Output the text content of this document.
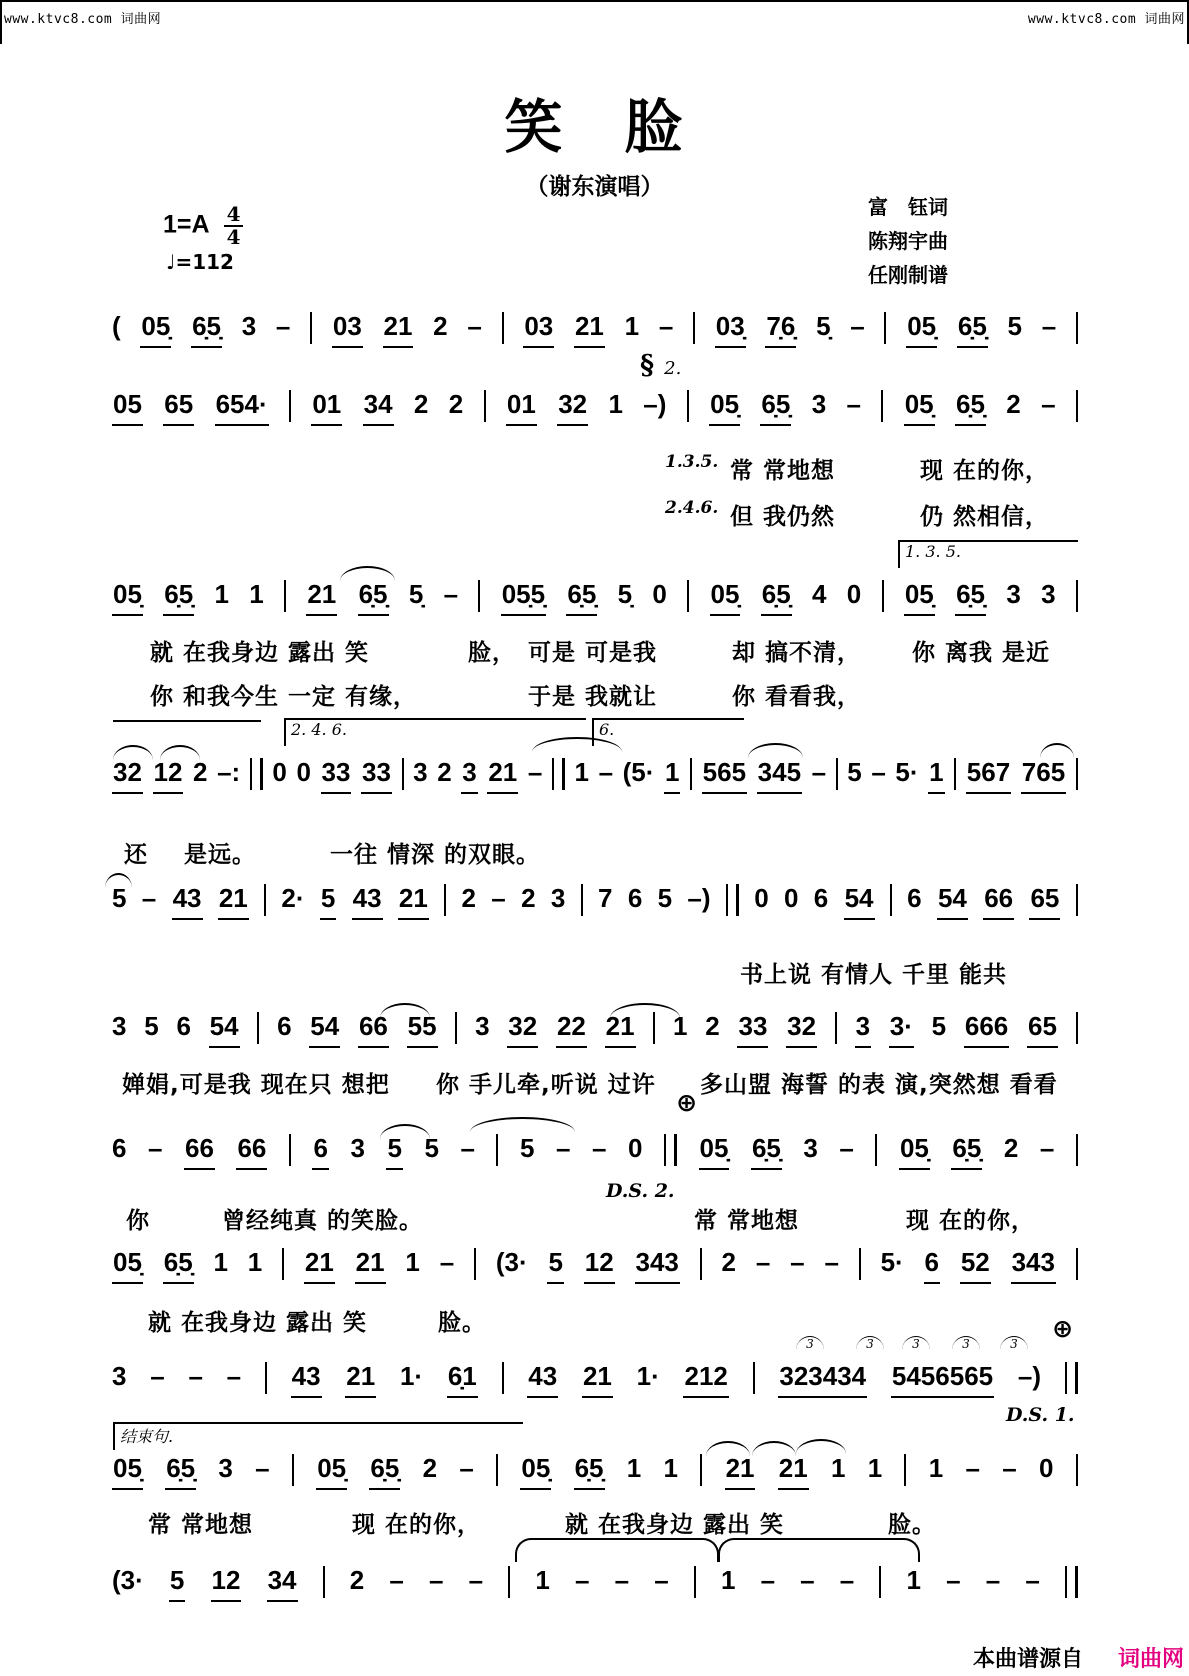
www.ktvc8.com 词曲网	www.ktvc8.com 词曲网
笑　脸
（谢东演唱）
富　钰词
陈翔宇曲
任刚制谱
$1=A \frac{4}{4}$
♩=112
( 05̣ 6̣5̣ 3 – 03 21 2 – 03 21 1 – 03̣ 7̣6̣ 5̣ – 05̣ 6̣5̣ 5 –
05 65 654· 01 34 2 2 01 32 1 –) 05̣ 6̣5̣ 3 – 05̣ 6̣5̣ 2 –
05̣ 6̣5̣ 1 1 21 6̣5̣ 5̣ – 05̣5̣ 6̣5̣ 5̣ 0 05̣ 6̣5̣ 4 0 05̣ 6̣5̣ 3 3
32 12 2 –: 0 0 33 33 3 2 3 21 – 1 – (5· 1 565 345 – 5 – 5· 1 567 765
5 – 43 21 2· 5 43 21 2 – 2 3 7 6 5 –) 0 0 6 54 6 54 66 65
3 5 6 54 6 54 66 55 3 32 22 21 1 2 33 32 3 3· 5 666 65
6 – 66 66 6 3 5 5 – 5 – – 0 05̣ 6̣5̣ 3 – 05̣ 6̣5̣ 2 –
05̣ 6̣5̣ 1 1 21 21 1 – (3· 5 12 343 2 – – – 5· 6 52 343
3 – – – 43 21 1· 6̣1 43 21 1· 212 323434 5456565 –)
05̣ 6̣5̣ 3 – 05̣ 6̣5̣ 2 – 05̣ 6̣5̣ 1 1 21 21 1 1 1 – – 0
(3· 5 12 34 2 – – – 1 – – – 1 – – – 1 – – –
1.3.5. 常 常地想	现 在的你，
2.4.6. 但 我仍然	仍 然相信，
就 在我身边 露出 笑	脸， 可是 可是我	却 搞不清， 你 离我 是近
你 和我今生 一定 有缘，	于是 我就让	你 看看我，
还 是远。	一往 情深 的双眼。
书上说 有情人 千里 能共
婵娟,可是我 现在只 想把 你 手儿牵,听说 过许 多山盟 海誓 的表 演,突然想 看看
你	曾经纯真 的笑脸。	常 常地想	现 在的你，
就 在我身边 露出 笑	脸。
常 常地想	现 在的你，	就 在我身边 露出 笑	脸。
3	3	3	3	3
§ 2.
1. 3. 5.
2. 4. 6.	6.
⊕
D.S. 2.
⊕
D.S. 1.
结束句.
本曲谱源自 词曲网
